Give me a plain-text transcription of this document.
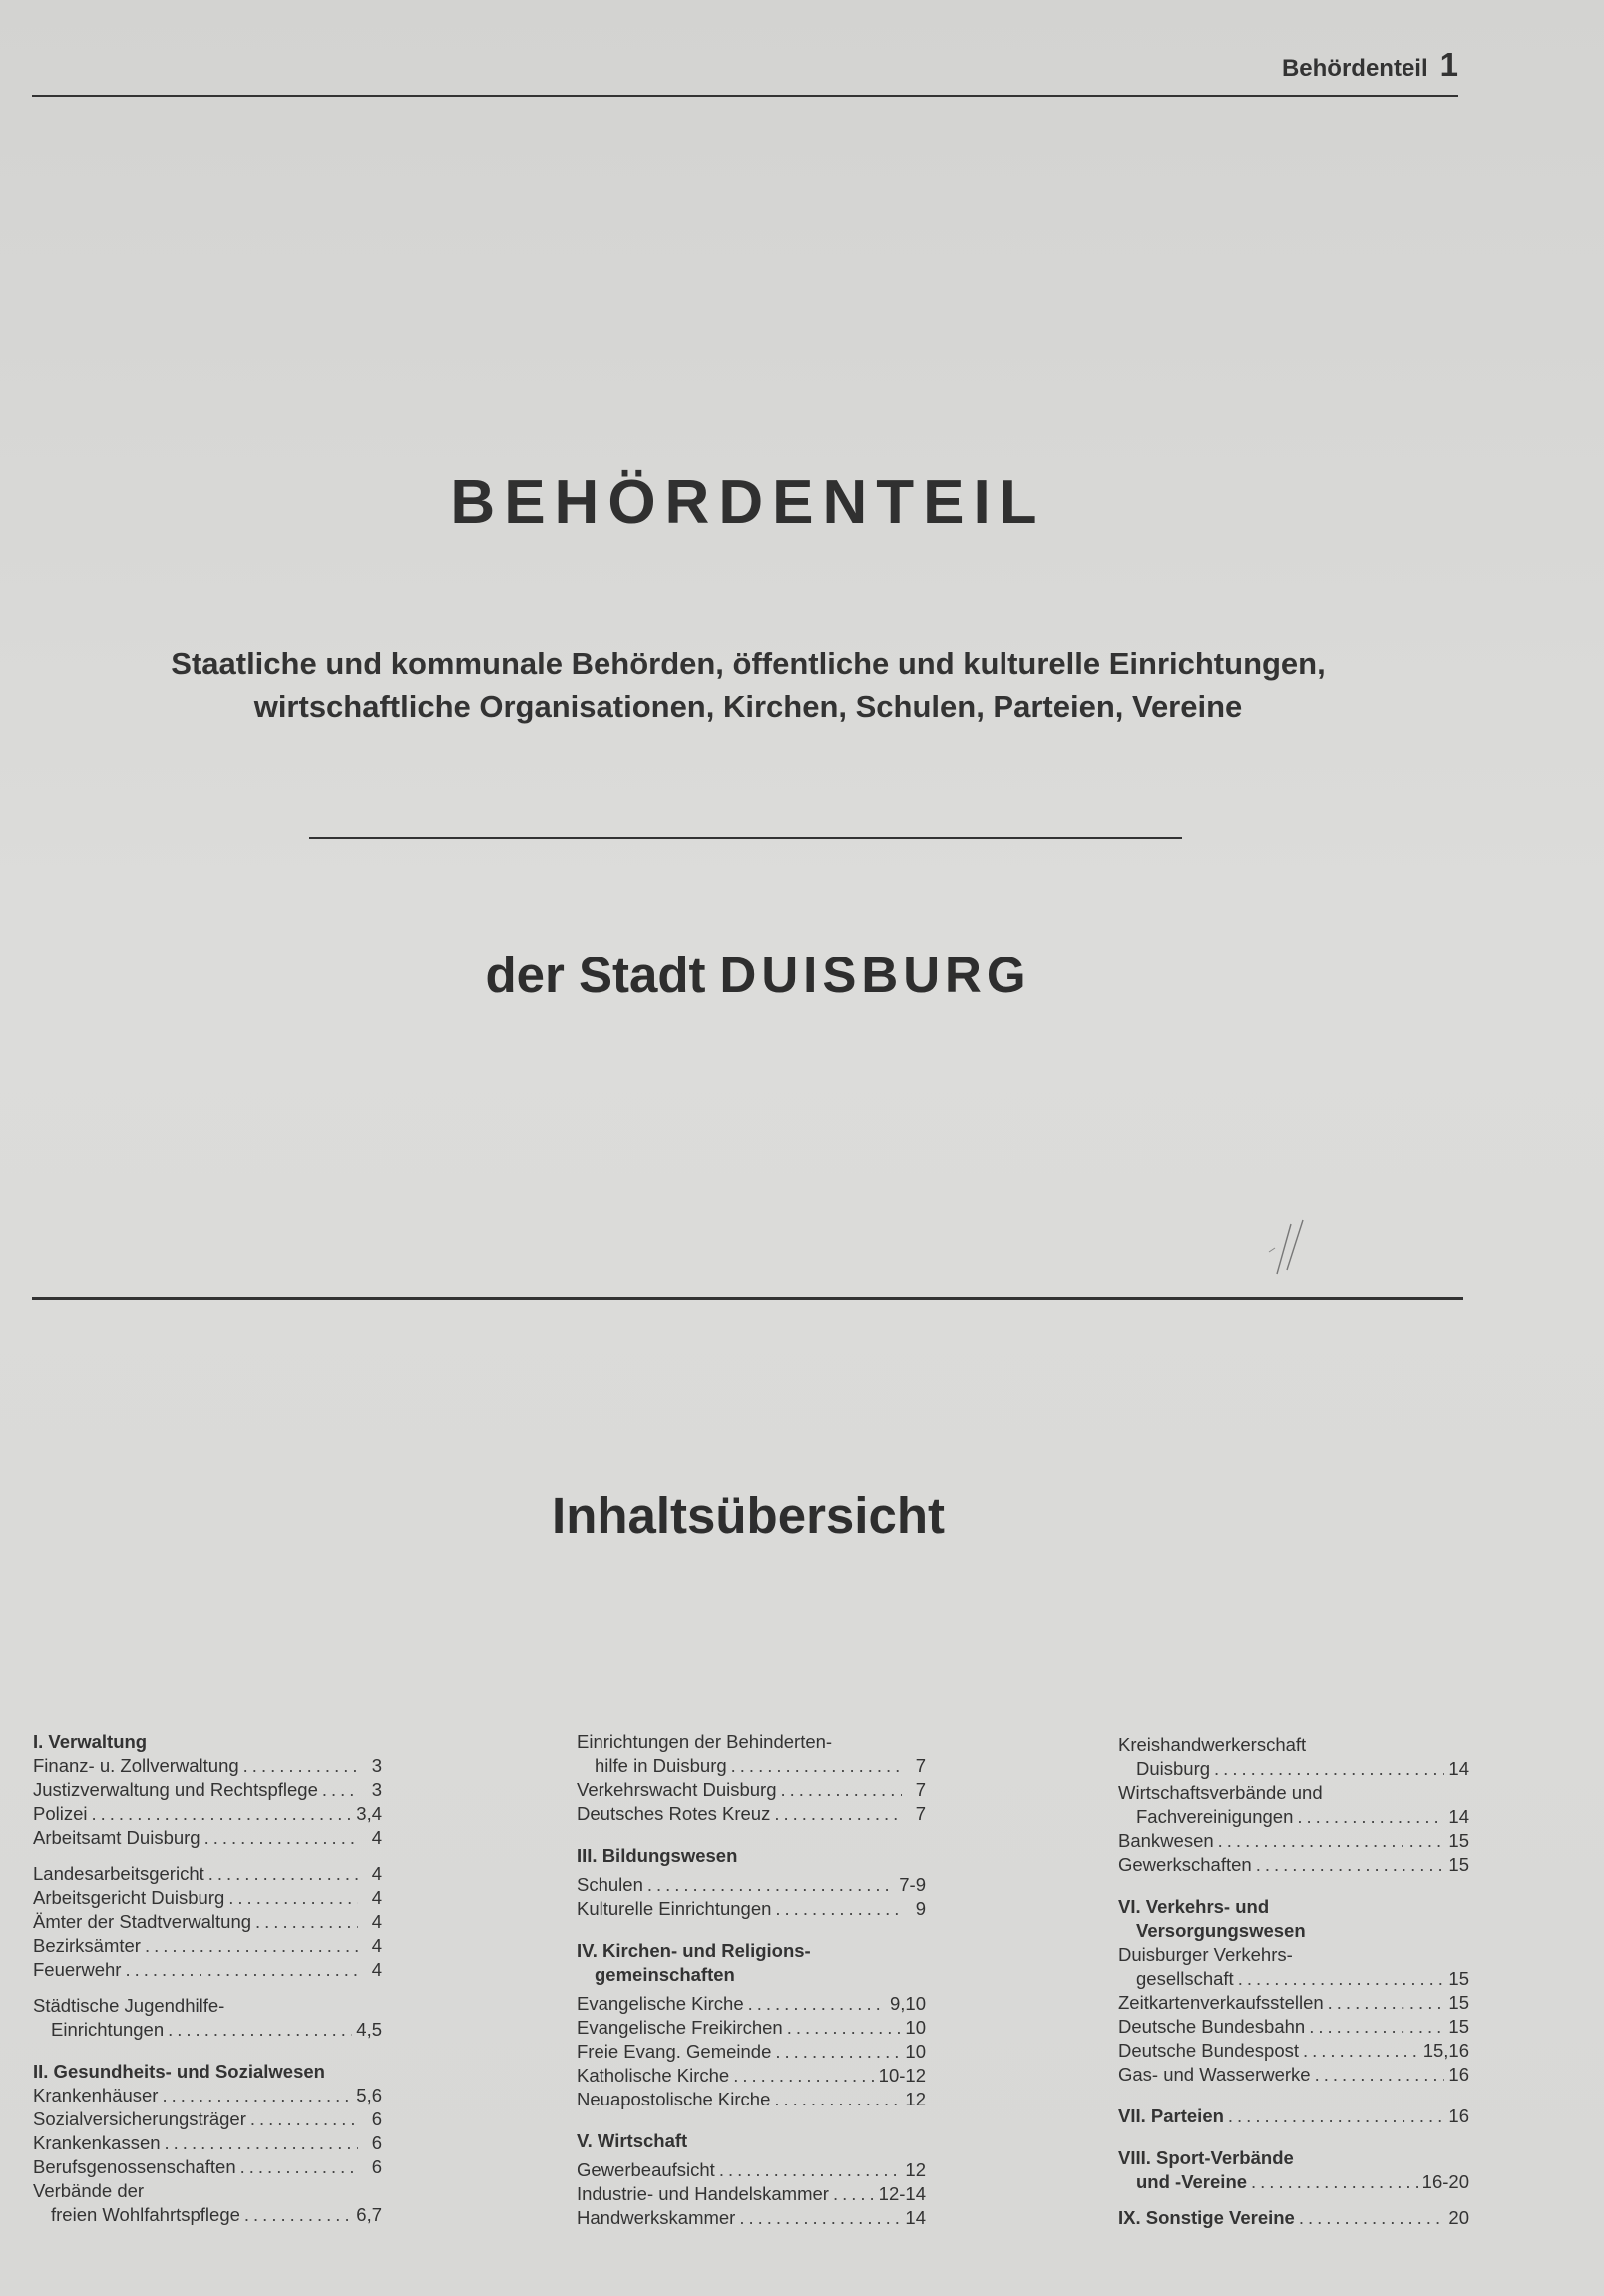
Behördenteil 1
BEHÖRDENTEIL
Staatliche und kommunale Behörden, öffentliche und kulturelle Einrichtungen,
wirtschaftliche Organisationen, Kirchen, Schulen, Parteien, Vereine
der Stadt DUISBURG
Inhaltsübersicht
I. Verwaltung
Finanz- u. Zollverwaltung .....	3
Justizverwaltung und Rechtspflege .....	3
Polizei .....	3,4
Arbeitsamt Duisburg .....	4
Landesarbeitsgericht .....	4
Arbeitsgericht Duisburg .....	4
Ämter der Stadtverwaltung .....	4
Bezirksämter .....	4
Feuerwehr .....	4
Städtische Jugendhilfe-
Einrichtungen .....	4,5
II. Gesundheits- und Sozialwesen
Krankenhäuser .....	5,6
Sozialversicherungsträger .....	6
Krankenkassen .....	6
Berufsgenossenschaften .....	6
Verbände der
freien Wohlfahrtspflege .....	6,7
Einrichtungen der Behinderten-
hilfe in Duisburg .....	7
Verkehrswacht Duisburg .....	7
Deutsches Rotes Kreuz .....	7
III. Bildungswesen
Schulen .....	7-9
Kulturelle Einrichtungen .....	9
IV. Kirchen- und Religions-
gemeinschaften
Evangelische Kirche .....	9,10
Evangelische Freikirchen .....	10
Freie Evang. Gemeinde .....	10
Katholische Kirche .....	10-12
Neuapostolische Kirche .....	12
V. Wirtschaft
Gewerbeaufsicht .....	12
Industrie- und Handelskammer .....	12-14
Handwerkskammer .....	14
Kreishandwerkerschaft
Duisburg .....	14
Wirtschaftsverbände und
Fachvereinigungen .....	14
Bankwesen .....	15
Gewerkschaften .....	15
VI. Verkehrs- und
Versorgungswesen
Duisburger Verkehrs-
gesellschaft .....	15
Zeitkartenverkaufsstellen .....	15
Deutsche Bundesbahn .....	15
Deutsche Bundespost .....	15,16
Gas- und Wasserwerke .....	16
VII. Parteien .....	16
VIII. Sport-Verbände
und -Vereine .....	16-20
IX. Sonstige Vereine .....	20
